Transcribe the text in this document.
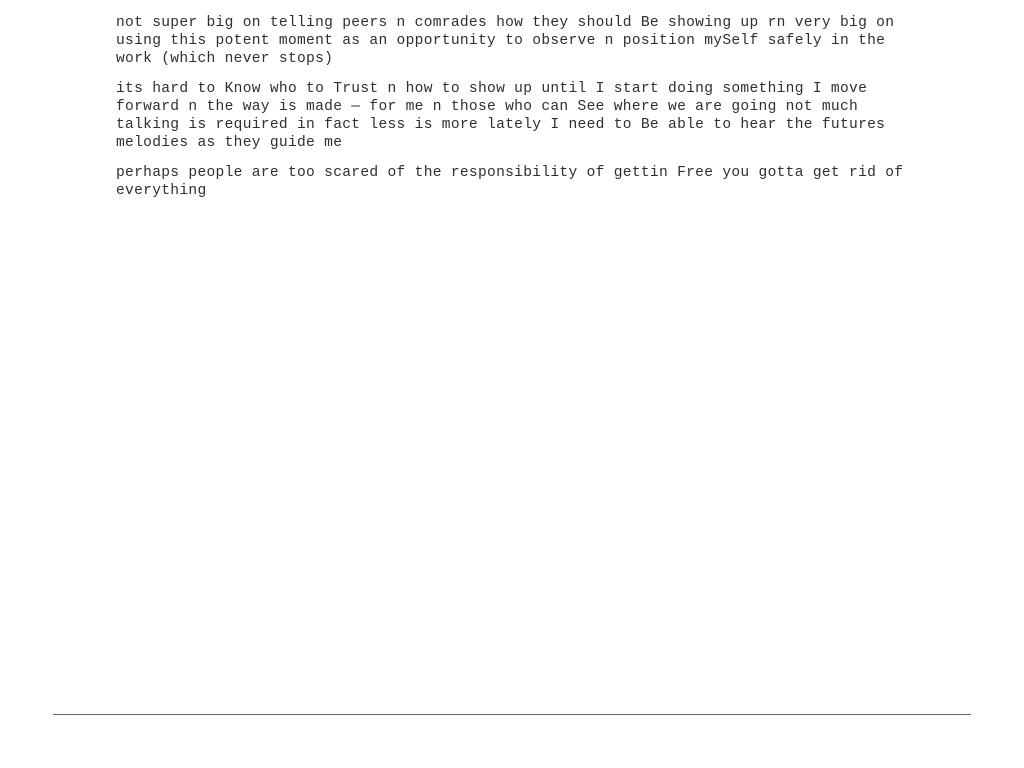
not super big on telling peers n comrades how they should Be showing up rn very big on using this potent moment as an opportunity to observe n position mySelf safely in the work (which never stops)

its hard to Know who to Trust n how to show up until I start doing something I move forward n the way is made — for me n those who can See where we are going not much talking is required in fact less is more lately I need to Be able to hear the futures melodies as they guide me

perhaps people are too scared of the responsibility of gettin Free you gotta get rid of everything
